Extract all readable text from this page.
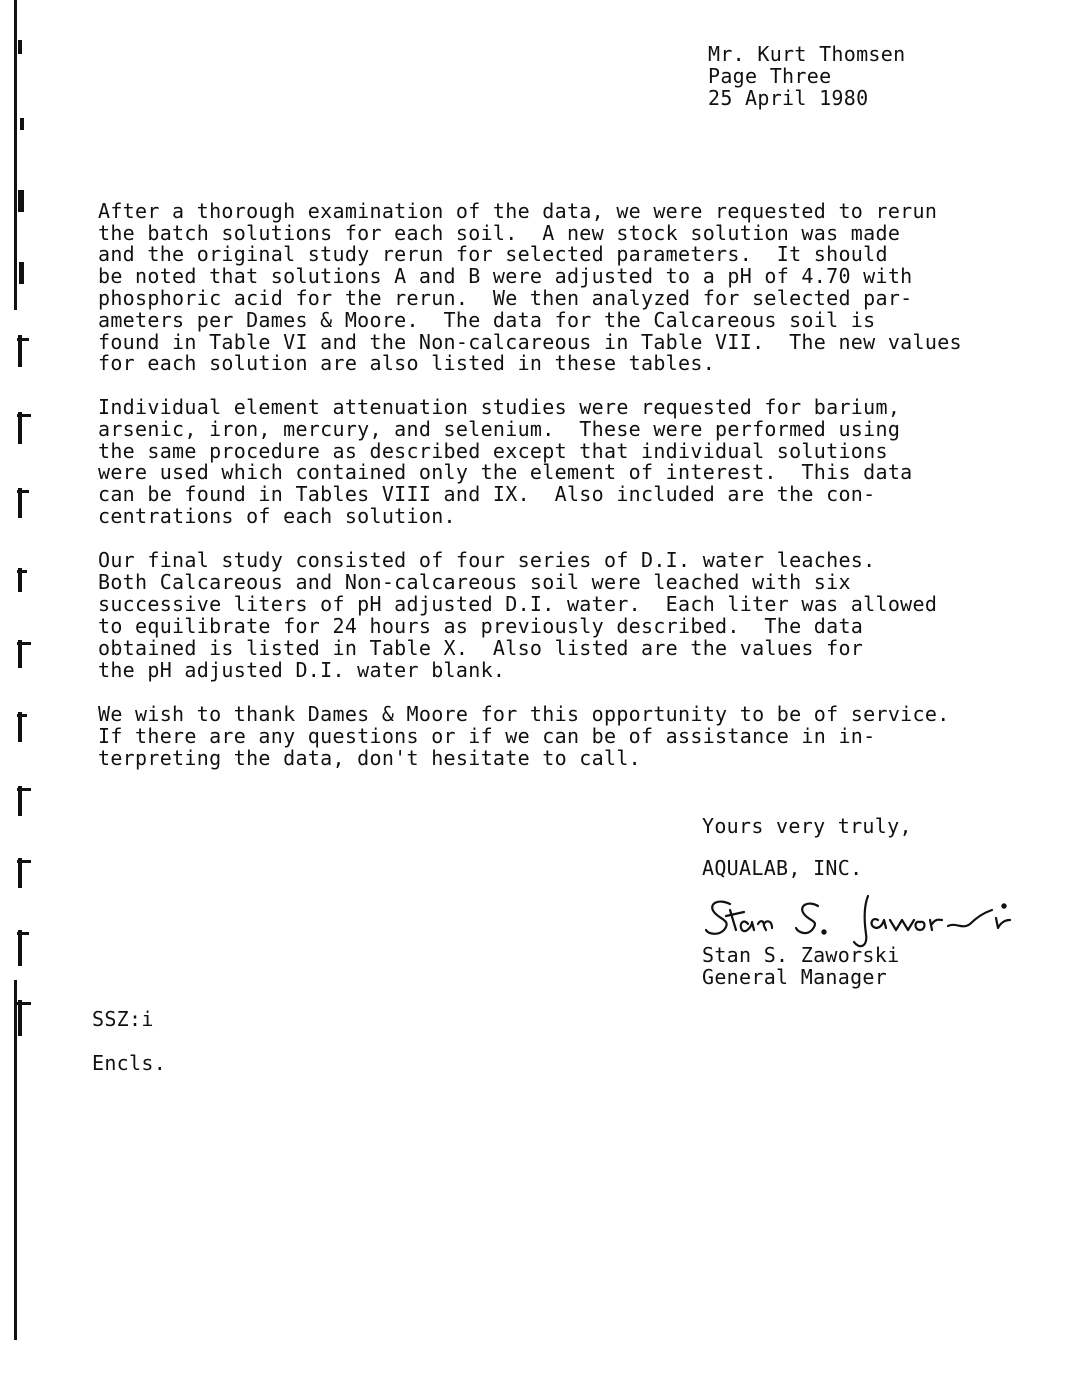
Mr. Kurt Thomsen
Page Three
25 April 1980
After a thorough examination of the data, we were requested to rerun
the batch solutions for each soil.  A new stock solution was made
and the original study rerun for selected parameters.  It should
be noted that solutions A and B were adjusted to a pH of 4.70 with
phosphoric acid for the rerun.  We then analyzed for selected par-
ameters per Dames & Moore.  The data for the Calcareous soil is
found in Table VI and the Non-calcareous in Table VII.  The new values
for each solution are also listed in these tables.
Individual element attenuation studies were requested for barium,
arsenic, iron, mercury, and selenium.  These were performed using
the same procedure as described except that individual solutions
were used which contained only the element of interest.  This data
can be found in Tables VIII and IX.  Also included are the con-
centrations of each solution.
Our final study consisted of four series of D.I. water leaches.
Both Calcareous and Non-calcareous soil were leached with six
successive liters of pH adjusted D.I. water.  Each liter was allowed
to equilibrate for 24 hours as previously described.  The data
obtained is listed in Table X.  Also listed are the values for
the pH adjusted D.I. water blank.
We wish to thank Dames & Moore for this opportunity to be of service.
If there are any questions or if we can be of assistance in in-
terpreting the data, don't hesitate to call.
Yours very truly,
AQUALAB, INC.
Stan S. Zaworski
General Manager
SSZ:i
Encls.
